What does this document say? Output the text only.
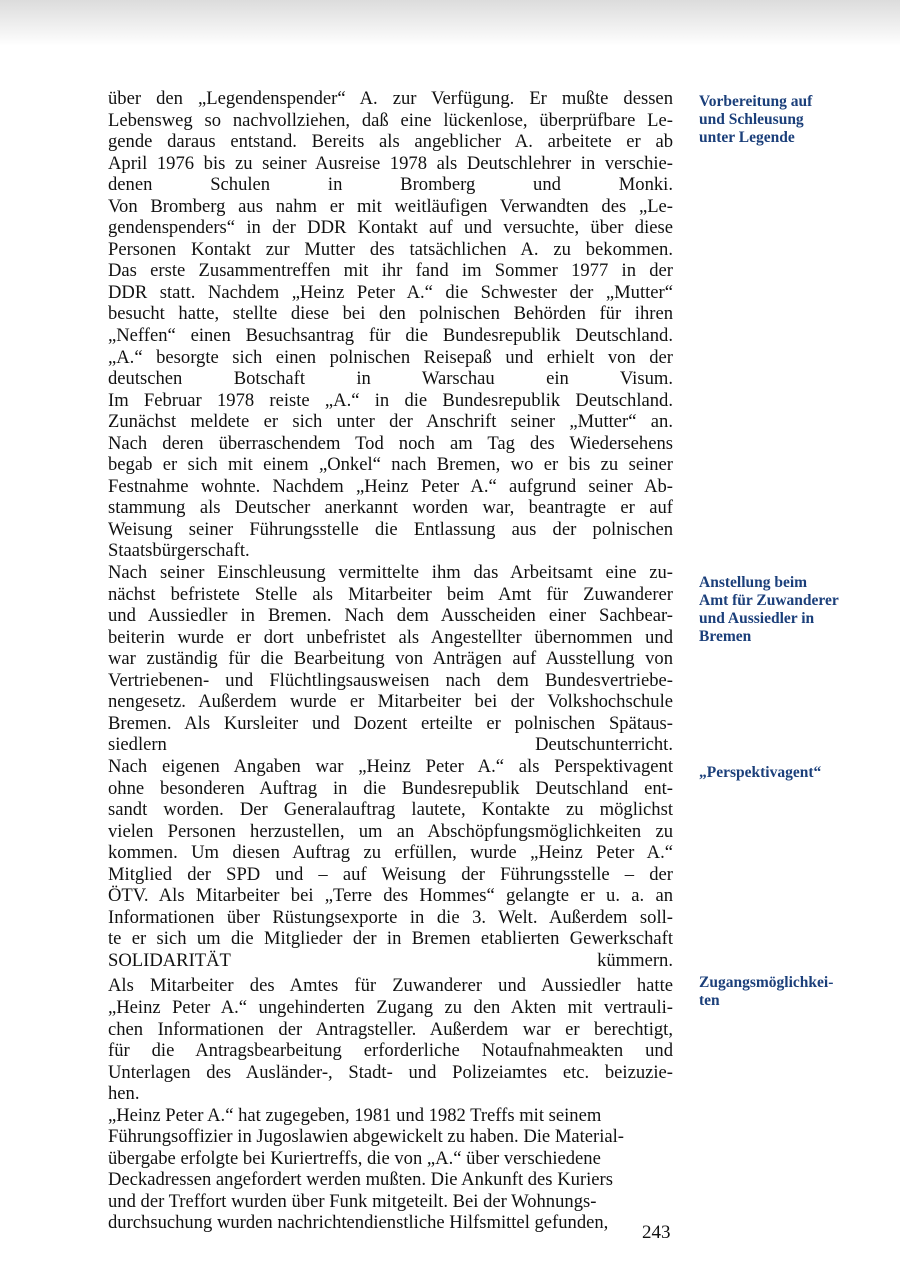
über den „Legendenspender“ A. zur Verfügung. Er mußte dessen
Lebensweg so nachvollziehen, daß eine lückenlose, überprüfbare Le-
gende daraus entstand. Bereits als angeblicher A. arbeitete er ab
April 1976 bis zu seiner Ausreise 1978 als Deutschlehrer in verschie-
denen Schulen in Bromberg und Monki.

Von Bromberg aus nahm er mit weitläufigen Verwandten des „Le-
gendenspenders“ in der DDR Kontakt auf und versuchte, über diese
Personen Kontakt zur Mutter des tatsächlichen A. zu bekommen.
Das erste Zusammentreffen mit ihr fand im Sommer 1977 in der
DDR statt. Nachdem „Heinz Peter A.“ die Schwester der „Mutter“
besucht hatte, stellte diese bei den polnischen Behörden für ihren
„Neffen“ einen Besuchsantrag für die Bundesrepublik Deutschland.
„A.“ besorgte sich einen polnischen Reisepaß und erhielt von der
deutschen Botschaft in Warschau ein Visum.

Im Februar 1978 reiste „A.“ in die Bundesrepublik Deutschland.
Zunächst meldete er sich unter der Anschrift seiner „Mutter“ an.
Nach deren überraschendem Tod noch am Tag des Wiedersehens
begab er sich mit einem „Onkel“ nach Bremen, wo er bis zu seiner
Festnahme wohnte. Nachdem „Heinz Peter A.“ aufgrund seiner Ab-
stammung als Deutscher anerkannt worden war, beantragte er auf
Weisung seiner Führungsstelle die Entlassung aus der polnischen
Staatsbürgerschaft.

Nach seiner Einschleusung vermittelte ihm das Arbeitsamt eine zu-
nächst befristete Stelle als Mitarbeiter beim Amt für Zuwanderer
und Aussiedler in Bremen. Nach dem Ausscheiden einer Sachbear-
beiterin wurde er dort unbefristet als Angestellter übernommen und
war zuständig für die Bearbeitung von Anträgen auf Ausstellung von
Vertriebenen- und Flüchtlingsausweisen nach dem Bundesvertriebe-
nengesetz. Außerdem wurde er Mitarbeiter bei der Volkshochschule
Bremen. Als Kursleiter und Dozent erteilte er polnischen Spätaus-
siedlern Deutschunterricht.

Nach eigenen Angaben war „Heinz Peter A.“ als Perspektivagent
ohne besonderen Auftrag in die Bundesrepublik Deutschland ent-
sandt worden. Der Generalauftrag lautete, Kontakte zu möglichst
vielen Personen herzustellen, um an Abschöpfungsmöglichkeiten zu
kommen. Um diesen Auftrag zu erfüllen, wurde „Heinz Peter A.“
Mitglied der SPD und – auf Weisung der Führungsstelle – der
ÖTV. Als Mitarbeiter bei „Terre des Hommes“ gelangte er u. a. an
Informationen über Rüstungsexporte in die 3. Welt. Außerdem soll-
te er sich um die Mitglieder der in Bremen etablierten Gewerkschaft
SOLIDARITÄT kümmern.

Als Mitarbeiter des Amtes für Zuwanderer und Aussiedler hatte
„Heinz Peter A.“ ungehinderten Zugang zu den Akten mit vertrauli-
chen Informationen der Antragsteller. Außerdem war er berechtigt,
für die Antragsbearbeitung erforderliche Notaufnahmeakten und
Unterlagen des Ausländer-, Stadt- und Polizeiamtes etc. beizuzie-
hen.

„Heinz Peter A.“ hat zugegeben, 1981 und 1982 Treffs mit seinem
Führungsoffizier in Jugoslawien abgewickelt zu haben. Die Material-
übergabe erfolgte bei Kuriertreffs, die von „A.“ über verschiedene
Deckadressen angefordert werden mußten. Die Ankunft des Kuriers
und der Treffort wurden über Funk mitgeteilt. Bei der Wohnungs-
durchsuchung wurden nachrichtendienstliche Hilfsmittel gefunden,

Vorbereitung auf
und Schleusung
unter Legende
Anstellung beim
Amt für Zuwanderer
und Aussiedler in
Bremen
„Perspektivagent“
Zugangsmöglichkei-
ten
243
